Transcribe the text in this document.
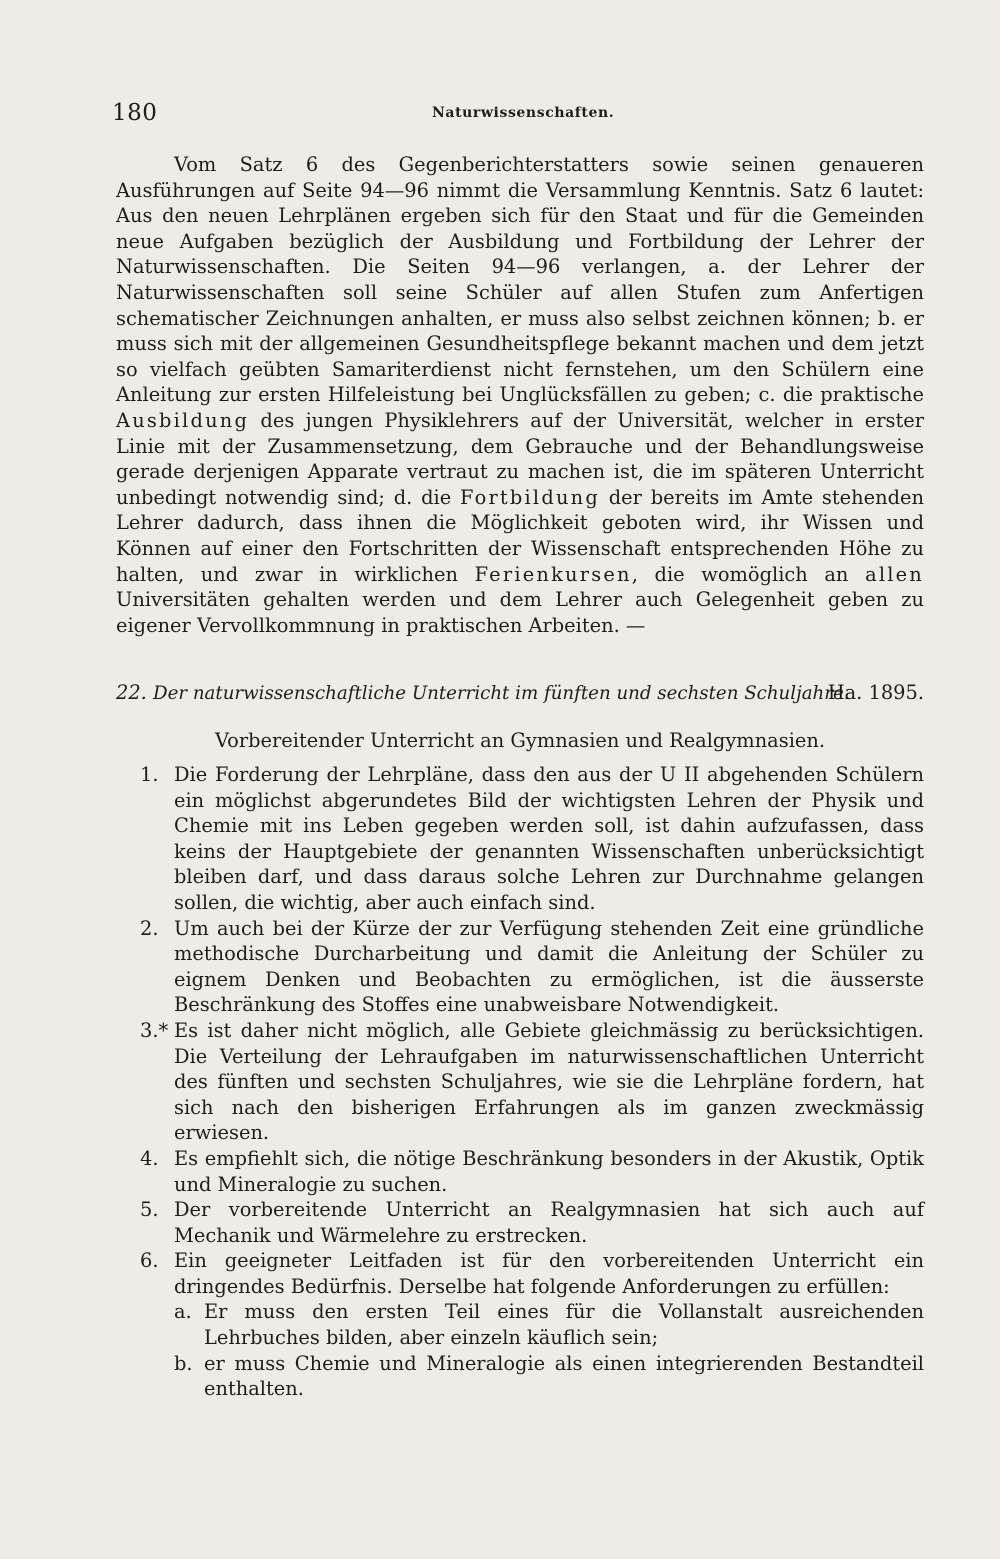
180	Naturwissenschaften.

Vom Satz 6 des Gegenberichterstatters sowie seinen genaueren Ausführungen auf Seite 94—96 nimmt die Versammlung Kenntnis. Satz 6 lautet: Aus den neuen Lehrplänen ergeben sich für den Staat und für die Gemeinden neue Aufgaben bezüglich der Ausbildung und Fortbildung der Lehrer der Naturwissenschaften. Die Seiten 94—96 verlangen, a. der Lehrer der Naturwissenschaften soll seine Schüler auf allen Stufen zum Anfertigen schematischer Zeichnungen anhalten, er muss also selbst zeichnen können; b. er muss sich mit der allgemeinen Gesundheitspflege bekannt machen und dem jetzt so vielfach geübten Samariterdienst nicht fernstehen, um den Schülern eine Anleitung zur ersten Hilfeleistung bei Unglücksfällen zu geben; c. die praktische Ausbildung des jungen Physiklehrers auf der Universität, welcher in erster Linie mit der Zusammensetzung, dem Gebrauche und der Behandlungsweise gerade derjenigen Apparate vertraut zu machen ist, die im späteren Unterricht unbedingt notwendig sind; d. die Fortbildung der bereits im Amte stehenden Lehrer dadurch, dass ihnen die Möglichkeit geboten wird, ihr Wissen und Können auf einer den Fortschritten der Wissenschaft entsprechenden Höhe zu halten, und zwar in wirklichen Ferienkursen, die womöglich an allen Universitäten gehalten werden und dem Lehrer auch Gelegenheit geben zu eigener Vervollkommnung in praktischen Arbeiten. —

22. Der naturwissenschaftliche Unterricht im fünften und sechsten Schuljahre.
Ha. 1895.
Vorbereitender Unterricht an Gymnasien und Realgymnasien.
1. Die Forderung der Lehrpläne, dass den aus der U II abgehenden Schülern ein möglichst abgerundetes Bild der wichtigsten Lehren der Physik und Chemie mit ins Leben gegeben werden soll, ist dahin aufzufassen, dass keins der Hauptgebiete der genannten Wissenschaften unberücksichtigt bleiben darf, und dass daraus solche Lehren zur Durchnahme gelangen sollen, die wichtig, aber auch einfach sind.
2. Um auch bei der Kürze der zur Verfügung stehenden Zeit eine gründliche methodische Durcharbeitung und damit die Anleitung der Schüler zu eignem Denken und Beobachten zu ermöglichen, ist die äusserste Beschränkung des Stoffes eine unabweisbare Notwendigkeit.
3.* Es ist daher nicht möglich, alle Gebiete gleichmässig zu berücksichtigen. Die Verteilung der Lehraufgaben im naturwissenschaftlichen Unterricht des fünften und sechsten Schuljahres, wie sie die Lehrpläne fordern, hat sich nach den bisherigen Erfahrungen als im ganzen zweckmässig erwiesen.
4. Es empfiehlt sich, die nötige Beschränkung besonders in der Akustik, Optik und Mineralogie zu suchen.
5. Der vorbereitende Unterricht an Realgymnasien hat sich auch auf Mechanik und Wärmelehre zu erstrecken.
6. Ein geeigneter Leitfaden ist für den vorbereitenden Unterricht ein dringendes Bedürfnis. Derselbe hat folgende Anforderungen zu erfüllen:
a. Er muss den ersten Teil eines für die Vollanstalt ausreichenden Lehrbuches bilden, aber einzeln käuflich sein;
b. er muss Chemie und Mineralogie als einen integrierenden Bestandteil enthalten.
